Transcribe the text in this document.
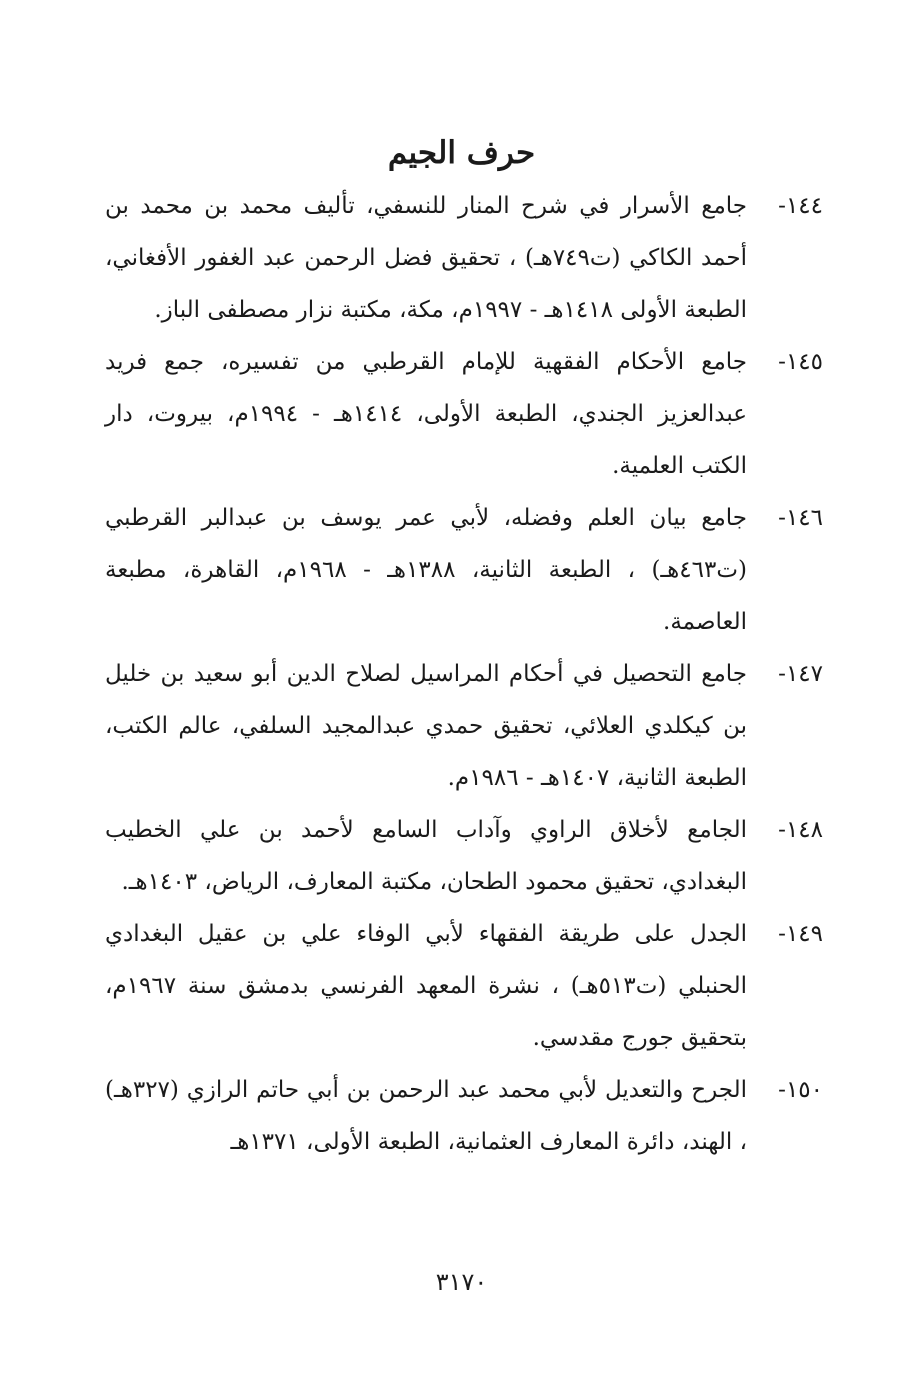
حرف الجيم
١٤٤-
جامع الأسرار في شرح المنار للنسفي، تأليف محمد بن محمد بن أحمد الكاكي (ت٧٤٩هـ) ، تحقيق فضل الرحمن عبد الغفور الأفغاني، الطبعة الأولى ١٤١٨هـ - ١٩٩٧م، مكة، مكتبة نزار مصطفى الباز.
١٤٥-
جامع الأحكام الفقهية للإمام القرطبي من تفسيره، جمع فريد عبدالعزيز الجندي، الطبعة الأولى، ١٤١٤هـ - ١٩٩٤م، بيروت، دار الكتب العلمية.
١٤٦-
جامع بيان العلم وفضله، لأبي عمر يوسف بن عبدالبر القرطبي (ت٤٦٣هـ) ، الطبعة الثانية، ١٣٨٨هـ - ١٩٦٨م، القاهرة، مطبعة العاصمة.
١٤٧-
جامع التحصيل في أحكام المراسيل لصلاح الدين أبو سعيد بن خليل بن كيكلدي العلائي، تحقيق حمدي عبدالمجيد السلفي، عالم الكتب، الطبعة الثانية، ١٤٠٧هـ - ١٩٨٦م.
١٤٨-
الجامع لأخلاق الراوي وآداب السامع لأحمد بن علي الخطيب البغدادي، تحقيق محمود الطحان، مكتبة المعارف، الرياض، ١٤٠٣هـ.
١٤٩-
الجدل على طريقة الفقهاء لأبي الوفاء علي بن عقيل البغدادي الحنبلي (ت٥١٣هـ) ، نشرة المعهد الفرنسي بدمشق سنة ١٩٦٧م، بتحقيق جورج مقدسي.
١٥٠-
الجرح والتعديل لأبي محمد عبد الرحمن بن أبي حاتم الرازي (٣٢٧هـ) ، الهند، دائرة المعارف العثمانية، الطبعة الأولى، ١٣٧١هـ
٣١٧٠
